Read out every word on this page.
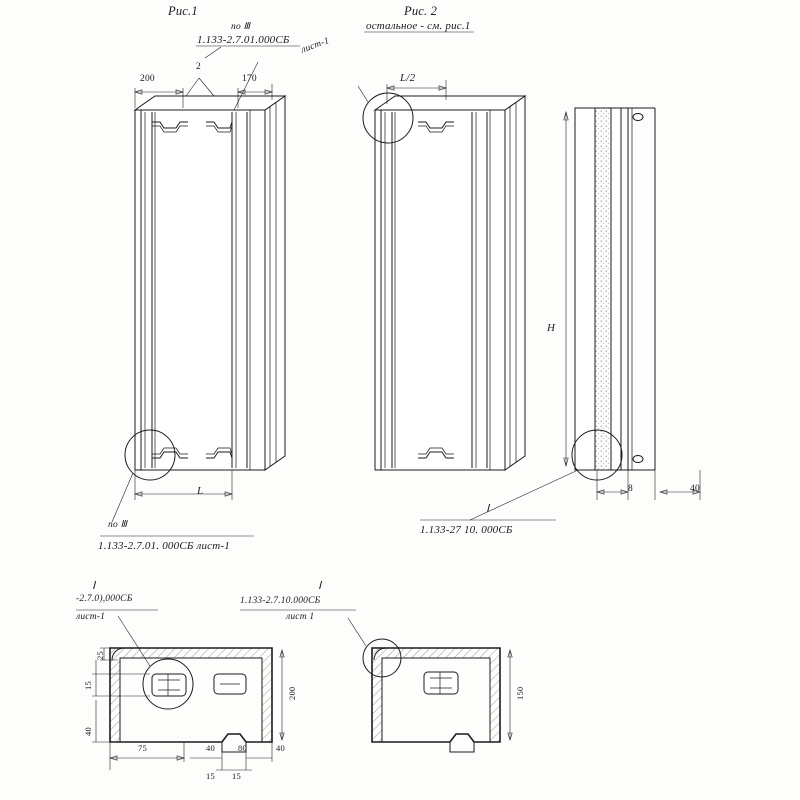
Рис.1	Рис. 2
по Ⅲ
1.133-2.7.01.000СБ лист-1
остальное - см. рис.1
200
2
170
L
L/2
H
8	40
по Ⅲ
1.133-2.7.01. 000СБ лист-1
Ⅰ
1.133-27 10. 000СБ
Ⅰ
-2.7.0),000СБ
лист-1
Ⅰ
1.133-2.7.10.000СБ
лист 1
25
15
40
75	40	80	40
15 15
200	150
